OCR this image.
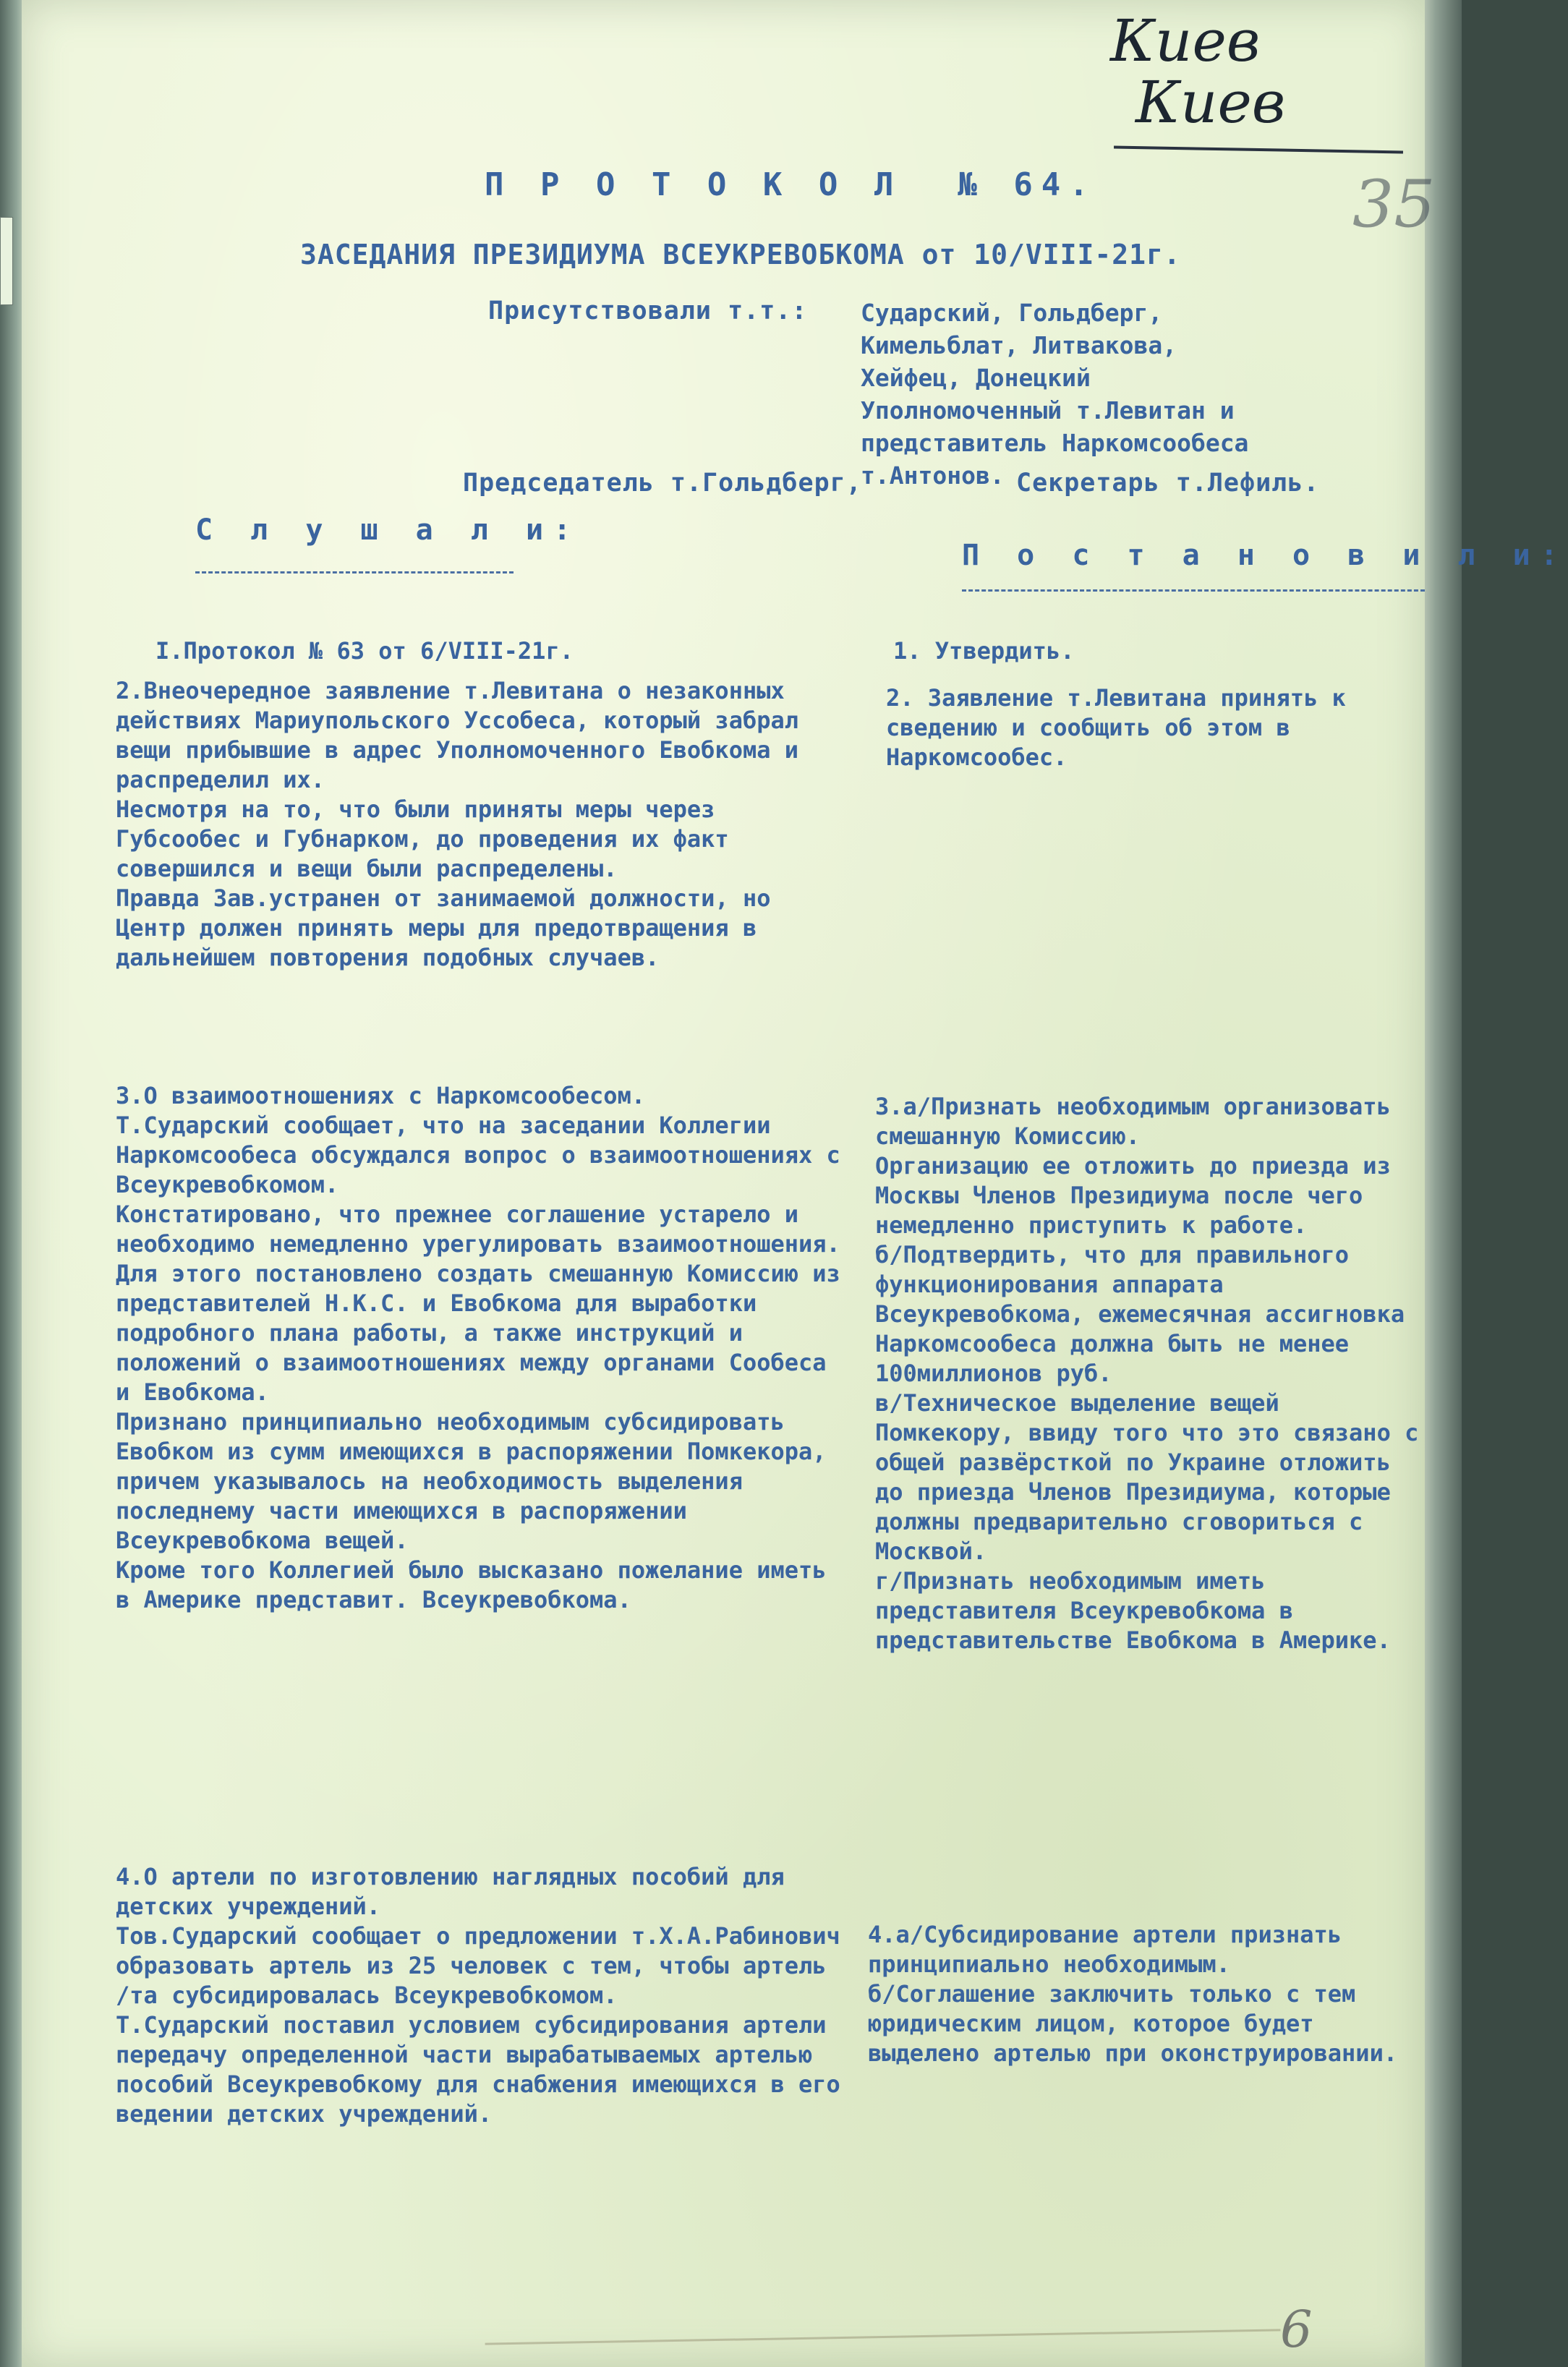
Киев
Киев
35
П Р О Т О К О Л  № 64.
ЗАСЕДАНИЯ ПРЕЗИДИУМА ВСЕУКРЕВОБКОМА от 10/VIII-21г.
Присутствовали т.т.: Сударский, Гольдберг, Кимельблат, Литвакова, Хейфец, Донецкий Уполномоченный т.Левитан и представитель Наркомсообеса т.Антонов.
Председатель т.Гольдберг,	Секретарь т.Лефиль.
С л у ш а л и:
П о с т а н о в и л и:

I.Протокол № 63 от 6/VIII-21г.

2.Внеочередное заявление т.Левитана о незаконных действиях Мариупольского Уссобеса, который забрал вещи прибывшие в адрес Уполномоченного Евобкома и распределил их.

Несмотря на то, что были приняты меры через Губсообес и Губнарком, до проведения их факт совершился и вещи были распределены.

Правда Зав.устранен от занимаемой должности, но Центр должен принять меры для предотвращения в дальнейшем повторения подобных случаев.

3.О взаимоотношениях с Наркомсообесом.

Т.Сударский сообщает, что на заседании Коллегии Наркомсообеса обсуждался вопрос о взаимоотношениях с Всеукревобкомом.

Констатировано, что прежнее соглашение устарело и необходимо немедленно урегулировать взаимоотношения.

Для этого постановлено создать смешанную Комиссию из представителей Н.К.С. и Евобкома для выработки подробного плана работы, а также инструкций и положений о взаимоотношениях между органами Сообеса и Евобкома.

Признано принципиально необходимым субсидировать Евобком из сумм имеющихся в распоряжении Помкекора, причем указывалось на необходимость выделения последнему части имеющихся в распоряжении Всеукревобкома вещей.

Кроме того Коллегией было высказано пожелание иметь в Америке представит. Всеукревобкома.

4.О артели по изготовлению наглядных пособий для детских учреждений.

Тов.Сударский сообщает о предложении т.Х.А.Рабинович образовать артель из 25 человек с тем, чтобы артель /та субсидировалась Всеукревобкомом.

Т.Сударский поставил условием субсидирования артели передачу определенной части вырабатываемых артелью пособий Всеукревобкому для снабжения имеющихся в его ведении детских учреждений.

1. Утвердить.

2. Заявление т.Левитана принять к сведению и сообщить об этом в Наркомсообес.

3.а/Признать необходимым организовать смешанную Комиссию.

Организацию ее отложить до приезда из Москвы Членов Президиума после чего немедленно приступить к работе.

б/Подтвердить, что для правильного функционирования аппарата Всеукревобкома, ежемесячная ассигновка Наркомсообеса должна быть не менее 100миллионов руб.

в/Техническое выделение вещей Помкекору, ввиду того что это связано с общей развёрсткой по Украине отложить до приезда Членов Президиума, которые должны предварительно сговориться с Москвой.

г/Признать необходимым иметь представителя Всеукревобкома в представительстве Евобкома в Америке.

4.а/Субсидирование артели признать принципиально необходимым.

б/Соглашение заключить только с тем юридическим лицом, которое будет выделено артелью при оконструировании.

6
